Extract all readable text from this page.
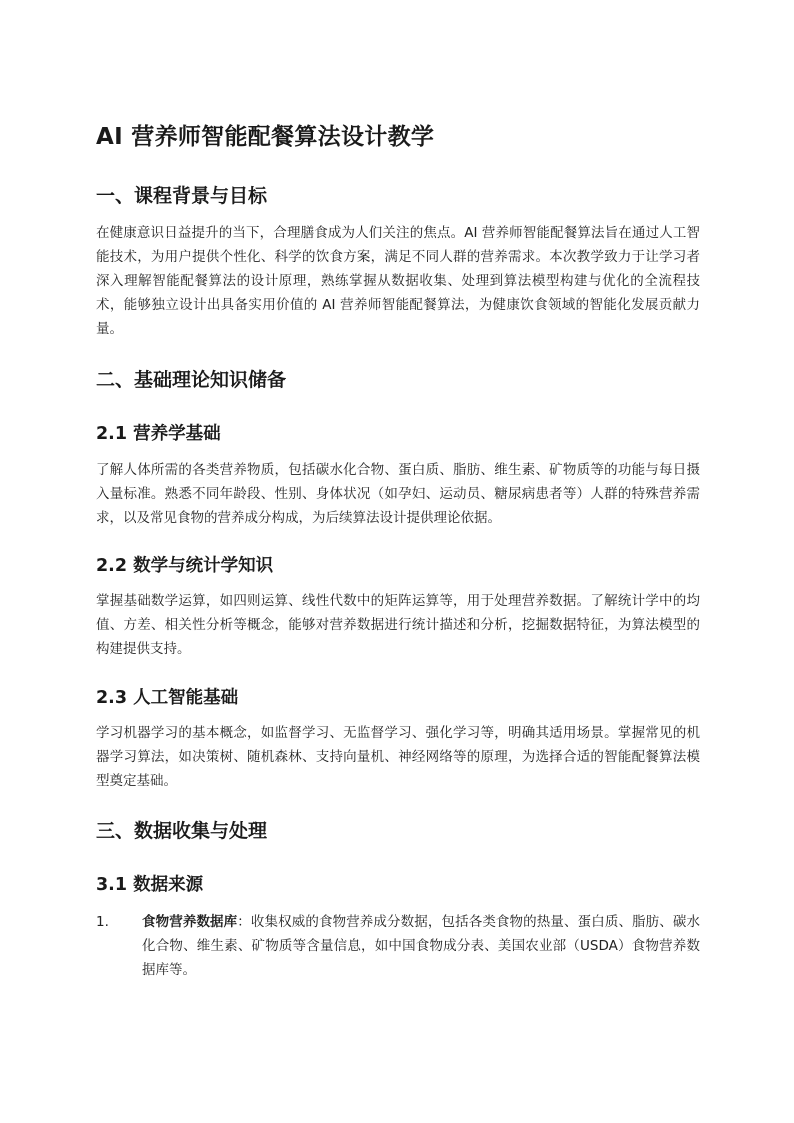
AI 营养师智能配餐算法设计教学
一、课程背景与目标

在健康意识日益提升的当下，合理膳食成为人们关注的焦点。AI 营养师智能配餐算法旨在通过人工智能技术，为用户提供个性化、科学的饮食方案，满足不同人群的营养需求。本次教学致力于让学习者深入理解智能配餐算法的设计原理，熟练掌握从数据收集、处理到算法模型构建与优化的全流程技术，能够独立设计出具备实用价值的 AI 营养师智能配餐算法，为健康饮食领域的智能化发展贡献力量。

二、基础理论知识储备
2.1 营养学基础

了解人体所需的各类营养物质，包括碳水化合物、蛋白质、脂肪、维生素、矿物质等的功能与每日摄入量标准。熟悉不同年龄段、性别、身体状况（如孕妇、运动员、糖尿病患者等）人群的特殊营养需求，以及常见食物的营养成分构成，为后续算法设计提供理论依据。

2.2 数学与统计学知识

掌握基础数学运算，如四则运算、线性代数中的矩阵运算等，用于处理营养数据。了解统计学中的均值、方差、相关性分析等概念，能够对营养数据进行统计描述和分析，挖掘数据特征，为算法模型的构建提供支持。

2.3 人工智能基础

学习机器学习的基本概念，如监督学习、无监督学习、强化学习等，明确其适用场景。掌握常见的机器学习算法，如决策树、随机森林、支持向量机、神经网络等的原理，为选择合适的智能配餐算法模型奠定基础。

三、数据收集与处理
3.1 数据来源
1. 食物营养数据库：收集权威的食物营养成分数据，包括各类食物的热量、蛋白质、脂肪、碳水化合物、维生素、矿物质等含量信息，如中国食物成分表、美国农业部（USDA）食物营养数据库等。
